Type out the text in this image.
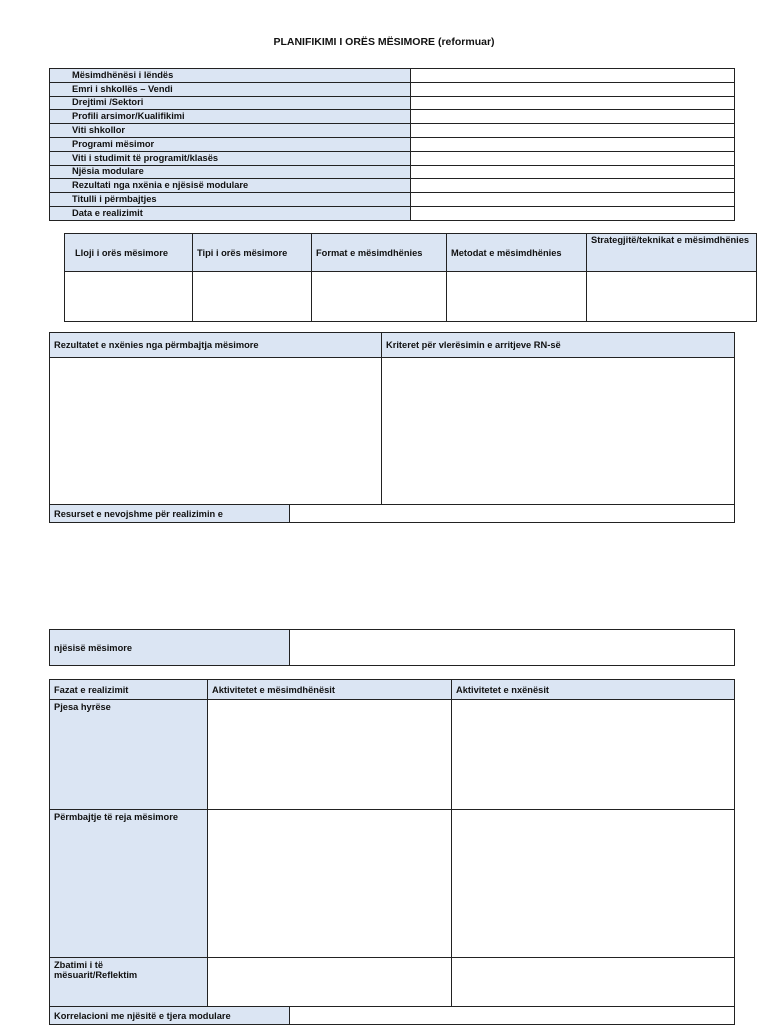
PLANIFIKIMI I ORËS MËSIMORE (reformuar)
Mësimdhënësi i lëndës	
Emri i shkollës – Vendi	
Drejtimi /Sektori	
Profili arsimor/Kualifikimi	
Viti shkollor	
Programi mësimor	
Viti i studimit të programit/klasës	
Njësia modulare	
Rezultati nga nxënia e njësisë modulare	
Titulli i përmbajtjes	
Data e realizimit	
Lloji i orës mësimore	Tipi i orës mësimore	Format e mësimdhënies	Metodat e mësimdhënies	Strategjitë/teknikat e mësimdhënies

Rezultatet e nxënies nga përmbajtja mësimore		Kriteret për vlerësimin e arritjeve RN-së

Resurset e nevojshme për realizimin e		
njësisë mësimore	
Fazat e realizimit	Aktivitetet e mësimdhënësit		Aktivitetet e nxënësit
Pjesa hyrëse			
Përmbajtje të reja mësimore			
Zbatimi i të mësuarit/Reflektim			
Korrelacioni me njësitë e tjera modulare			
